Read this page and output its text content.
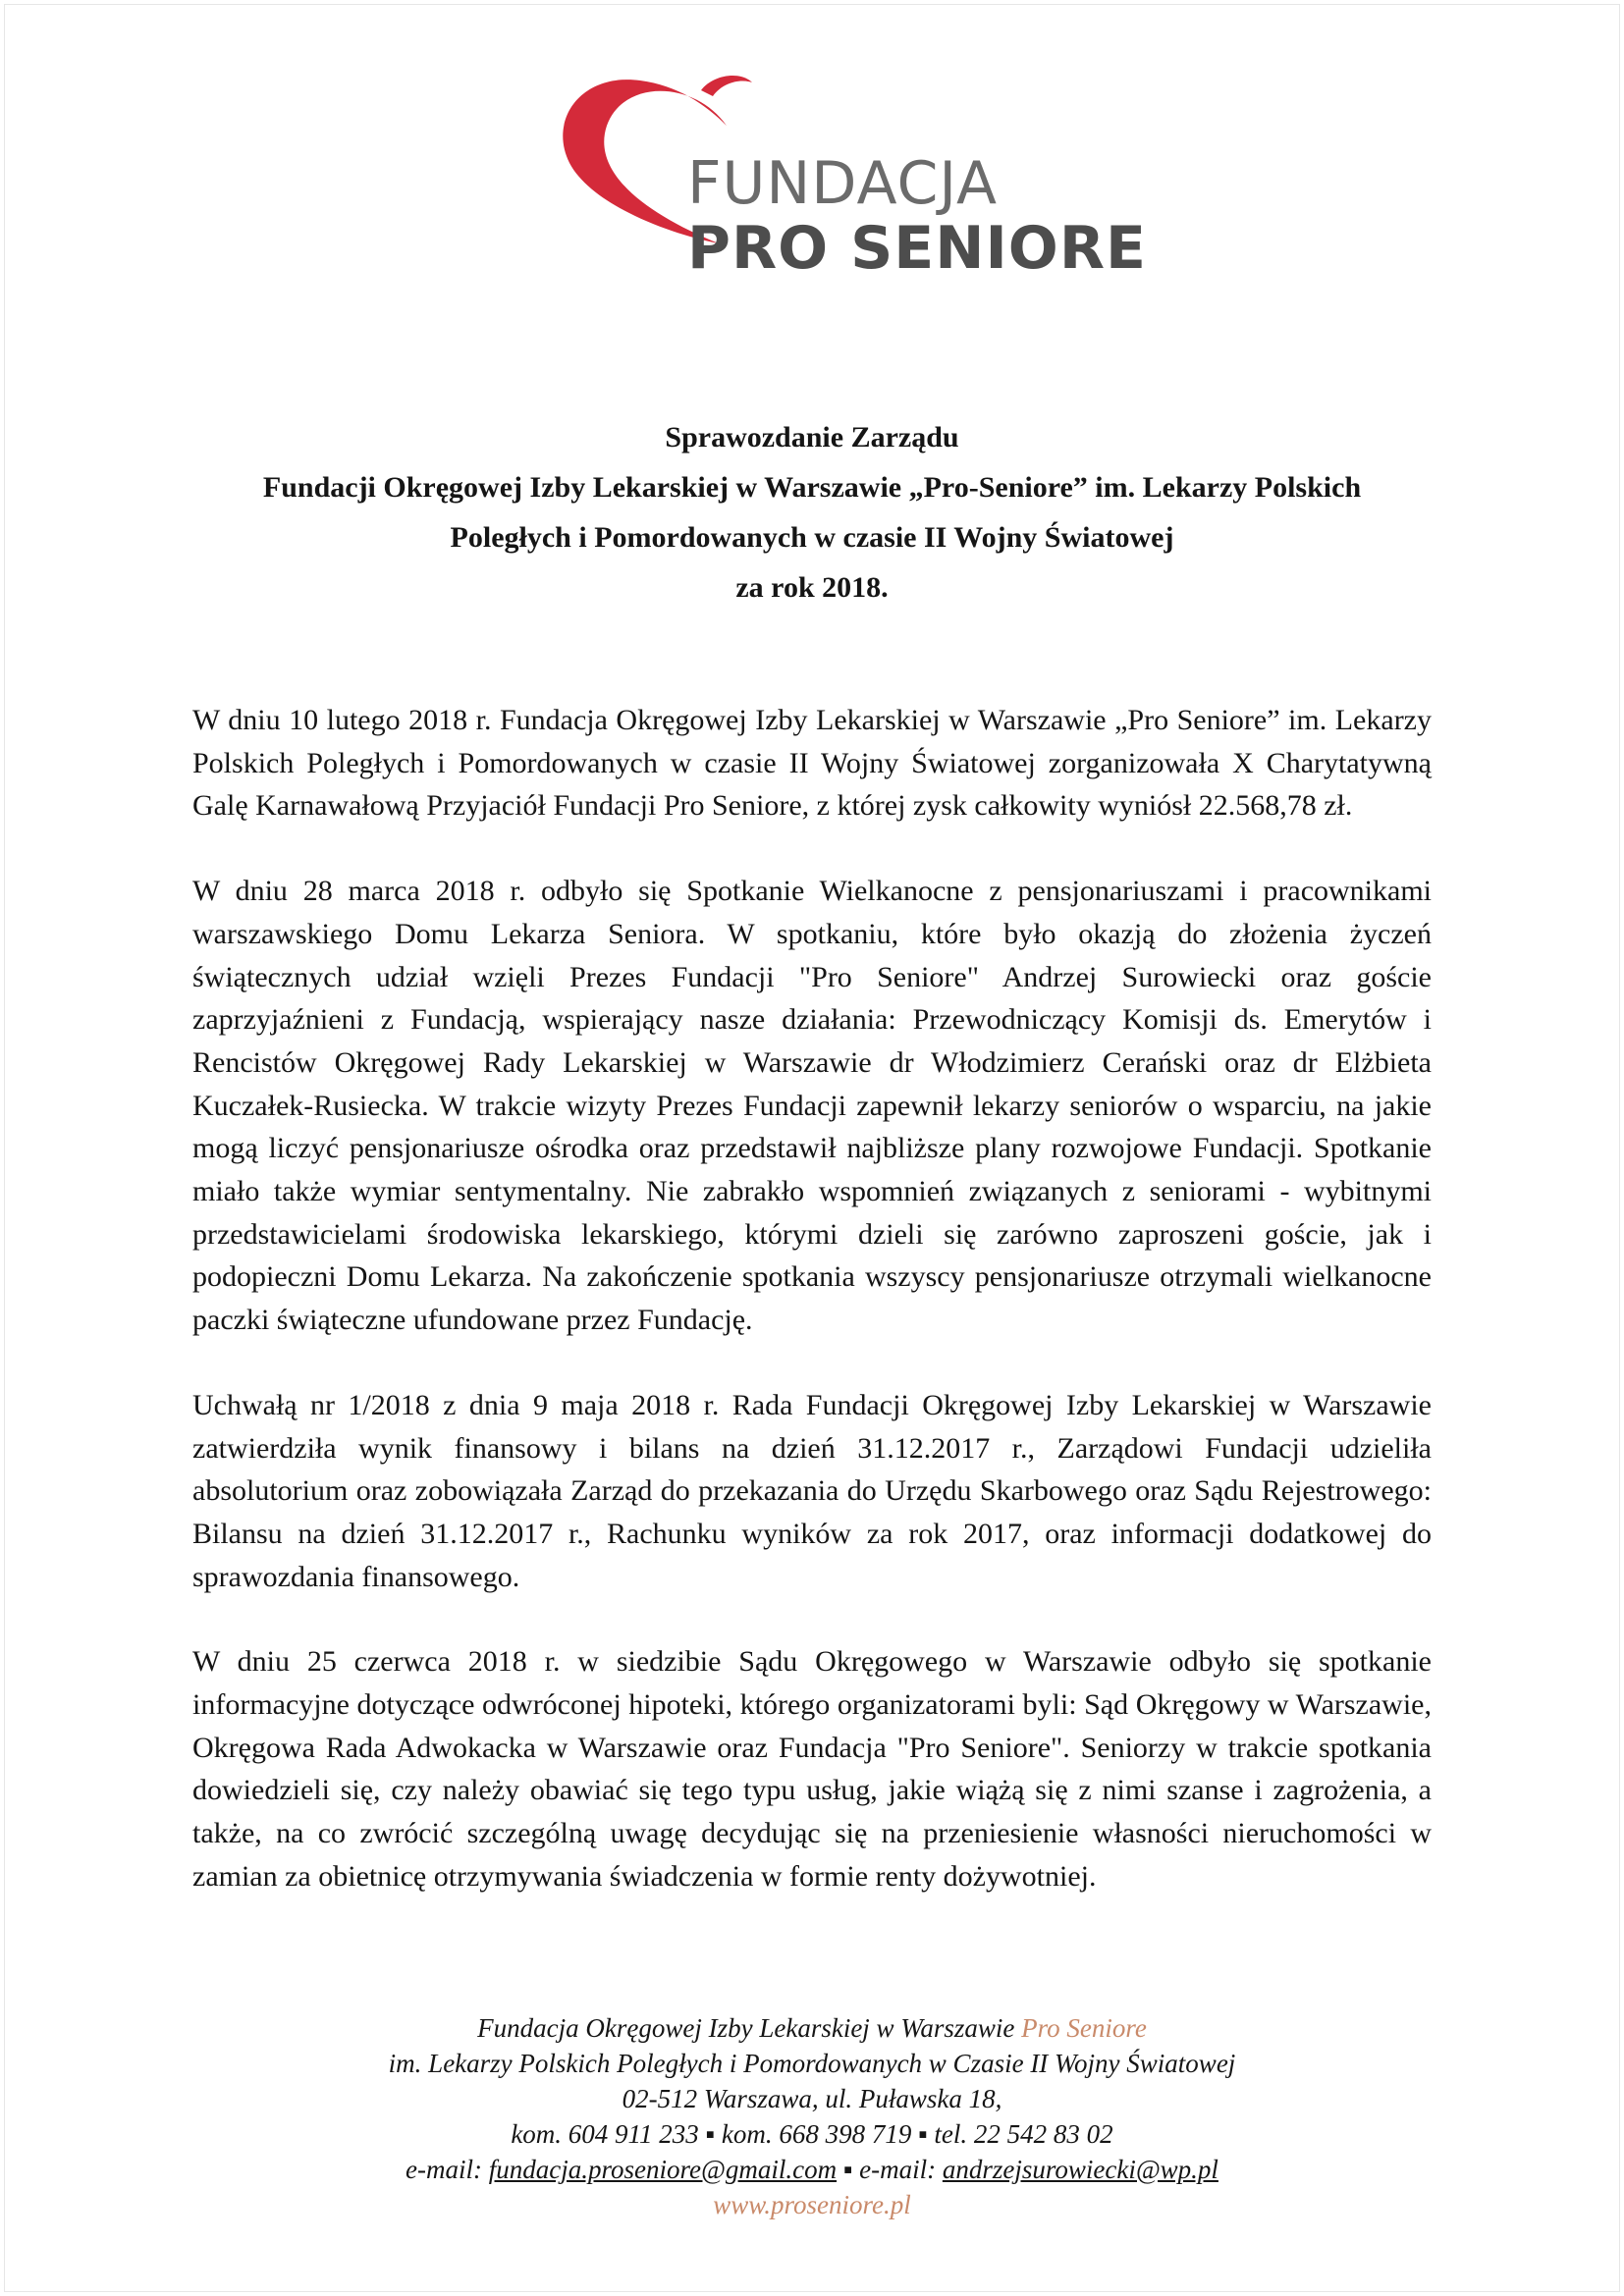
FUNDACJA
PRO SENIORE

Sprawozdanie Zarządu

Fundacji Okręgowej Izby Lekarskiej w Warszawie „Pro-Seniore” im. Lekarzy Polskich

Poległych i Pomordowanych w czasie II Wojny Światowej

za rok 2018.

W dniu 10 lutego 2018 r. Fundacja Okręgowej Izby Lekarskiej w Warszawie „Pro Seniore” im. Lekarzy Polskich Poległych i Pomordowanych w czasie II Wojny Światowej zorganizowała X Charytatywną Galę Karnawałową Przyjaciół Fundacji Pro Seniore, z której zysk całkowity wyniósł 22.568,78 zł.

W dniu 28 marca 2018 r. odbyło się Spotkanie Wielkanocne z pensjonariuszami i pracownikami warszawskiego Domu Lekarza Seniora. W spotkaniu, które było okazją do złożenia życzeń świątecznych udział wzięli Prezes Fundacji "Pro Seniore" Andrzej Surowiecki oraz goście zaprzyjaźnieni z Fundacją, wspierający nasze działania: Przewodniczący Komisji ds. Emerytów i Rencistów Okręgowej Rady Lekarskiej w Warszawie dr Włodzimierz Cerański oraz dr Elżbieta Kuczałek-Rusiecka. W trakcie wizyty Prezes Fundacji zapewnił lekarzy seniorów o wsparciu, na jakie mogą liczyć pensjonariusze ośrodka oraz przedstawił najbliższe plany rozwojowe Fundacji. Spotkanie miało także wymiar sentymentalny. Nie zabrakło wspomnień związanych z seniorami - wybitnymi przedstawicielami środowiska lekarskiego, którymi dzieli się zarówno zaproszeni goście, jak i podopieczni Domu Lekarza. Na zakończenie spotkania wszyscy pensjonariusze otrzymali wielkanocne paczki świąteczne ufundowane przez Fundację.

Uchwałą nr 1/2018 z dnia 9 maja 2018 r. Rada Fundacji Okręgowej Izby Lekarskiej w Warszawie zatwierdziła wynik finansowy i bilans na dzień 31.12.2017 r., Zarządowi Fundacji udzieliła absolutorium oraz zobowiązała Zarząd do przekazania do Urzędu Skarbowego oraz Sądu Rejestrowego: Bilansu na dzień 31.12.2017 r., Rachunku wyników za rok 2017, oraz informacji dodatkowej do sprawozdania finansowego.

W dniu 25 czerwca 2018 r. w siedzibie Sądu Okręgowego w Warszawie odbyło się spotkanie informacyjne dotyczące odwróconej hipoteki, którego organizatorami byli: Sąd Okręgowy w Warszawie, Okręgowa Rada Adwokacka w Warszawie oraz Fundacja "Pro Seniore". Seniorzy w trakcie spotkania dowiedzieli się, czy należy obawiać się tego typu usług, jakie wiążą się z nimi szanse i zagrożenia, a także, na co zwrócić szczególną uwagę decydując się na przeniesienie własności nieruchomości w zamian za obietnicę otrzymywania świadczenia w formie renty dożywotniej.

Fundacja Okręgowej Izby Lekarskiej w Warszawie Pro Seniore

im. Lekarzy Polskich Poległych i Pomordowanych w Czasie II Wojny Światowej

02-512 Warszawa, ul. Puławska 18,

kom. 604 911 233 ▪ kom. 668 398 719 ▪ tel. 22 542 83 02

e-mail: fundacja.proseniore@gmail.com ▪ e-mail: andrzejsurowiecki@wp.pl

www.proseniore.pl
